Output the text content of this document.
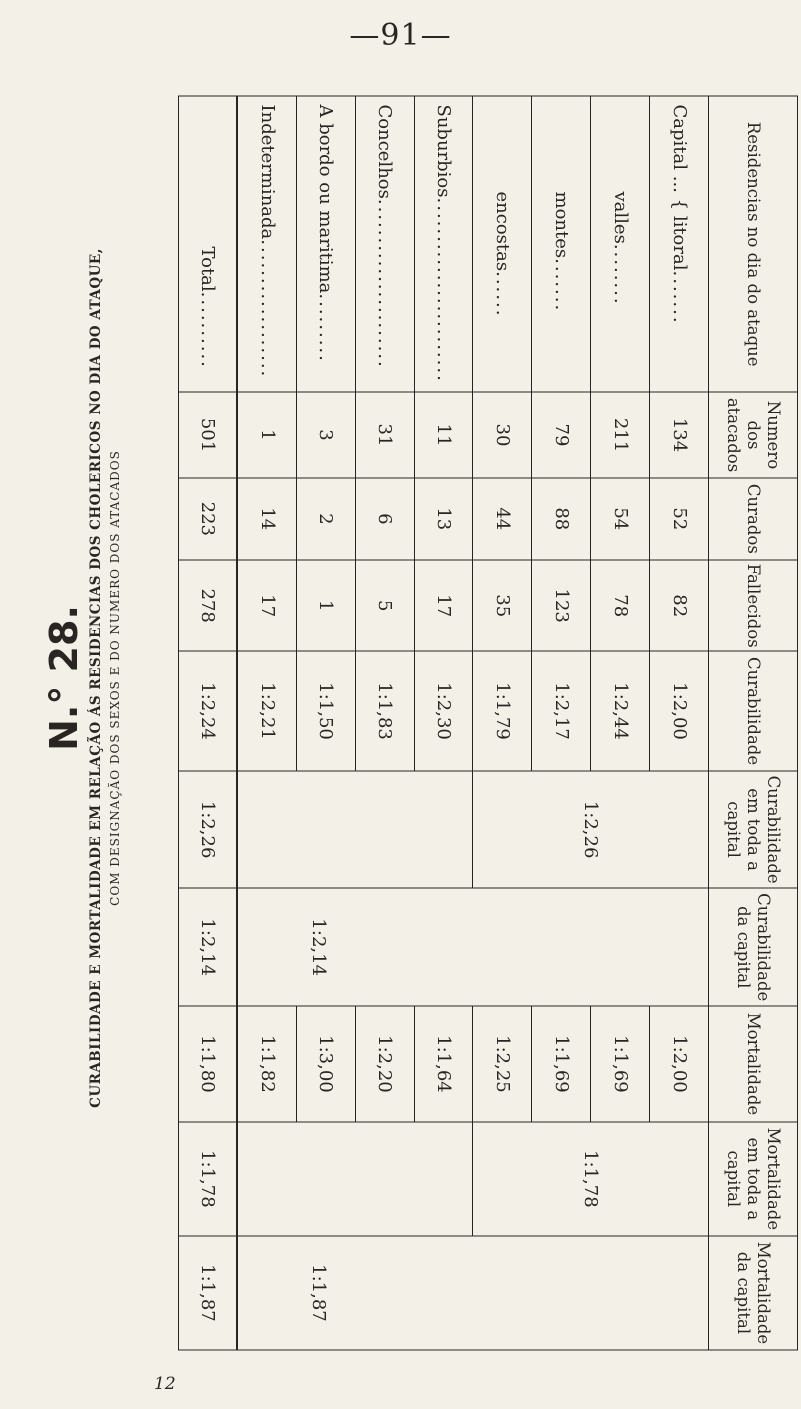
—91—
N.° 28. CURABILIDADE E MORTALIDADE EM RELAÇÃO ÁS RESIDENCIAS DOS CHOLERICOS NO DIA DO ATAQUE, COM DESIGNAÇÃO DOS SEXOS E DO NUMERO DOS ATACADOS
Residencias no dia do ataque	Numero dos atacados	Curados	Fallecidos	Curabilidade	Curabilidade em toda a capital	Curabilidade da capital	Mortalidade	Mortalidade em toda a capital	Mortalidade da capital
Capital ... { litoral.......	134	52	82	1:2,00	1:2,26	1:2,14	1:2,00	1:1,78	1:1,87
valles........	211	54	78	1:2,44			1:1,69		
montes.......	79	88	123	1:2,17			1:1,69		
encostas......	30	44	35	1:1,79			1:2,25		
Suburbios........................	11	13	17	1:2,30			1:1,64		
Concelhos......................	31	6	5	1:1,83			1:2,20		
A bordo ou maritima.........	3	2	1	1:1,50			1:3,00		
Indeterminada..................	1	14	17	1:2,21			1:1,82		
Total..........	501	223	278	1:2,24	1:2,26	1:2,14	1:1,80	1:1,78	1:1,87
12
